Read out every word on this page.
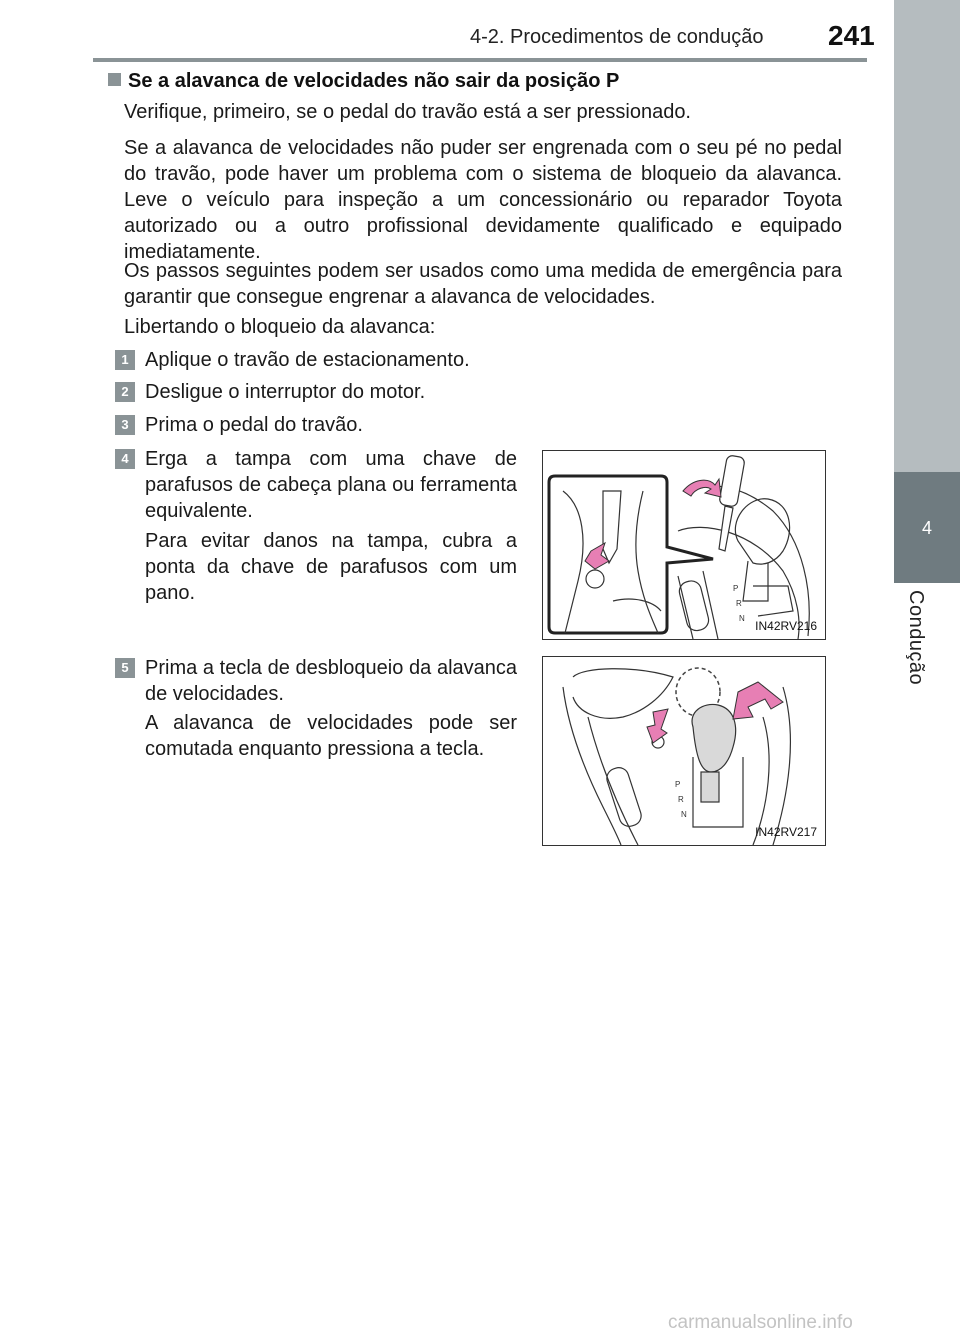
4-2. Procedimentos de condução 241
4
Condução
Se a alavanca de velocidades não sair da posição P
Verifique, primeiro, se o pedal do travão está a ser pressionado.
Se a alavanca de velocidades não puder ser engrenada com o seu pé no pedal do travão, pode haver um problema com o sistema de bloqueio da alavanca. Leve o veículo para inspeção a um concessionário ou reparador Toyota autorizado ou a outro profissional devidamente qualificado e equipado imediatamente.
Os passos seguintes podem ser usados como uma medida de emergência para garantir que consegue engrenar a alavanca de velocidades.
Libertando o bloqueio da alavanca:
1 Aplique o travão de estacionamento.
2 Desligue o interruptor do motor.
3 Prima o pedal do travão.
4 Erga a tampa com uma chave de parafusos de cabeça plana ou ferramenta equivalente.
Para evitar danos na tampa, cubra a ponta da chave de parafusos com um pano.
5 Prima a tecla de desbloqueio da alavanca de velocidades.
A alavanca de velocidades pode ser comutada enquanto pressiona a tecla.
P
R
N
IN42RV216
P
R
N
IN42RV217
carmanualsonline.info
